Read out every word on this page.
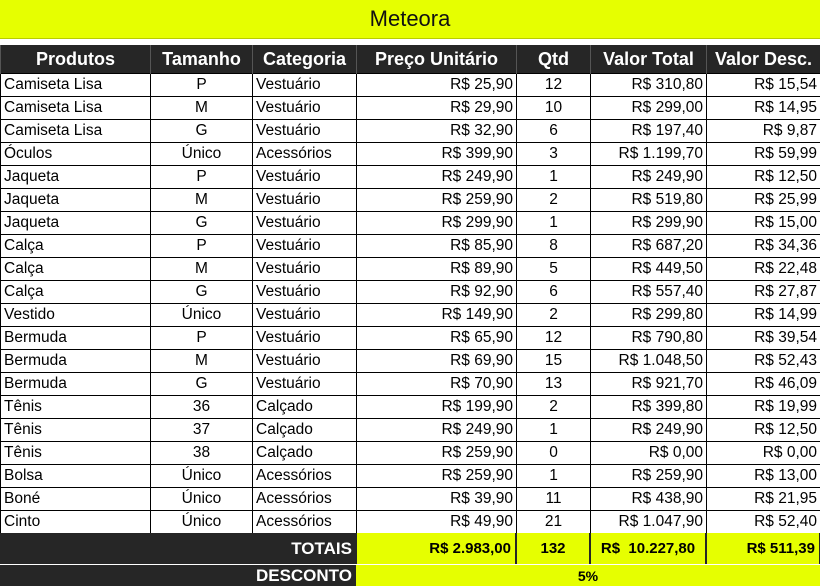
Meteora
Produtos	Tamanho	Categoria	Preço Unitário	Qtd	Valor Total	Valor Desc.
Camiseta Lisa	P	Vestuário	R$ 25,90	12	R$ 310,80	R$ 15,54
Camiseta Lisa	M	Vestuário	R$ 29,90	10	R$ 299,00	R$ 14,95
Camiseta Lisa	G	Vestuário	R$ 32,90	6	R$ 197,40	R$ 9,87
Óculos	Único	Acessórios	R$ 399,90	3	R$ 1.199,70	R$ 59,99
Jaqueta	P	Vestuário	R$ 249,90	1	R$ 249,90	R$ 12,50
Jaqueta	M	Vestuário	R$ 259,90	2	R$ 519,80	R$ 25,99
Jaqueta	G	Vestuário	R$ 299,90	1	R$ 299,90	R$ 15,00
Calça	P	Vestuário	R$ 85,90	8	R$ 687,20	R$ 34,36
Calça	M	Vestuário	R$ 89,90	5	R$ 449,50	R$ 22,48
Calça	G	Vestuário	R$ 92,90	6	R$ 557,40	R$ 27,87
Vestido	Único	Vestuário	R$ 149,90	2	R$ 299,80	R$ 14,99
Bermuda	P	Vestuário	R$ 65,90	12	R$ 790,80	R$ 39,54
Bermuda	M	Vestuário	R$ 69,90	15	R$ 1.048,50	R$ 52,43
Bermuda	G	Vestuário	R$ 70,90	13	R$ 921,70	R$ 46,09
Tênis	36	Calçado	R$ 199,90	2	R$ 399,80	R$ 19,99
Tênis	37	Calçado	R$ 249,90	1	R$ 249,90	R$ 12,50
Tênis	38	Calçado	R$ 259,90	0	R$ 0,00	R$ 0,00
Bolsa	Único	Acessórios	R$ 259,90	1	R$ 259,90	R$ 13,00
Boné	Único	Acessórios	R$ 39,90	11	R$ 438,90	R$ 21,95
Cinto	Único	Acessórios	R$ 49,90	21	R$ 1.047,90	R$ 52,40
TOTAIS	R$ 2.983,00	132	R$  10.227,80	R$ 511,39
DESCONTO	5%
